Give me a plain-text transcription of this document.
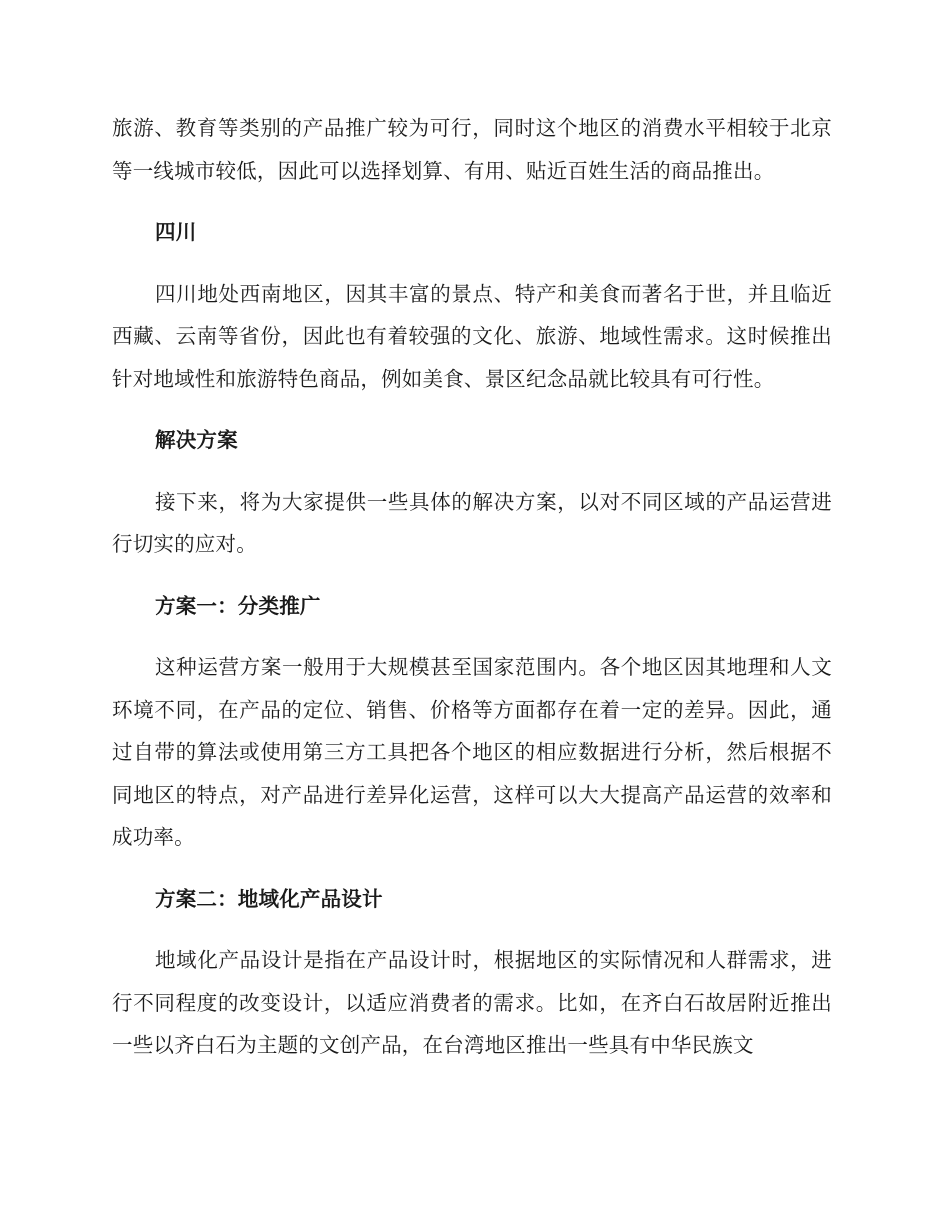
旅游、教育等类别的产品推广较为可行，同时这个地区的消费水平相较于北京等一线城市较低，因此可以选择划算、有用、贴近百姓生活的商品推出。

四川

四川地处西南地区，因其丰富的景点、特产和美食而著名于世，并且临近西藏、云南等省份，因此也有着较强的文化、旅游、地域性需求。这时候推出针对地域性和旅游特色商品，例如美食、景区纪念品就比较具有可行性。

解决方案

接下来，将为大家提供一些具体的解决方案，以对不同区域的产品运营进行切实的应对。

方案一：分类推广

这种运营方案一般用于大规模甚至国家范围内。各个地区因其地理和人文环境不同，在产品的定位、销售、价格等方面都存在着一定的差异。因此，通过自带的算法或使用第三方工具把各个地区的相应数据进行分析，然后根据不同地区的特点，对产品进行差异化运营，这样可以大大提高产品运营的效率和成功率。

方案二：地域化产品设计

地域化产品设计是指在产品设计时，根据地区的实际情况和人群需求，进行不同程度的改变设计，以适应消费者的需求。比如，在齐白石故居附近推出一些以齐白石为主题的文创产品，在台湾地区推出一些具有中华民族文
